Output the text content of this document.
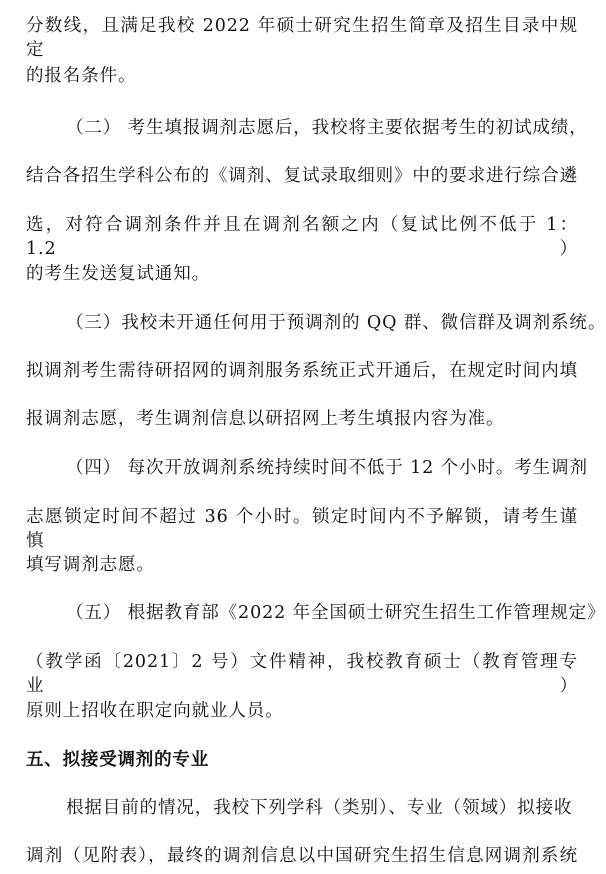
分数线，且满足我校 2022 年硕士研究生招生简章及招生目录中规定
的报名条件。
（二） 考生填报调剂志愿后，我校将主要依据考生的初试成绩，
结合各招生学科公布的《调剂、复试录取细则》中的要求进行综合遴
选，对符合调剂条件并且在调剂名额之内（复试比例不低于 1：1.2）
的考生发送复试通知。
（三）我校未开通任何用于预调剂的 QQ 群、微信群及调剂系统。
拟调剂考生需待研招网的调剂服务系统正式开通后，在规定时间内填
报调剂志愿，考生调剂信息以研招网上考生填报内容为准。
（四） 每次开放调剂系统持续时间不低于 12 个小时。考生调剂
志愿锁定时间不超过 36 个小时。锁定时间内不予解锁，请考生谨慎
填写调剂志愿。
（五） 根据教育部《2022 年全国硕士研究生招生工作管理规定》
（教学函〔2021〕2 号）文件精神，我校教育硕士（教育管理专业）
原则上招收在职定向就业人员。
五、拟接受调剂的专业
根据目前的情况，我校下列学科（类别）、专业（领域）拟接收
调剂（见附表），最终的调剂信息以中国研究生招生信息网调剂系统
